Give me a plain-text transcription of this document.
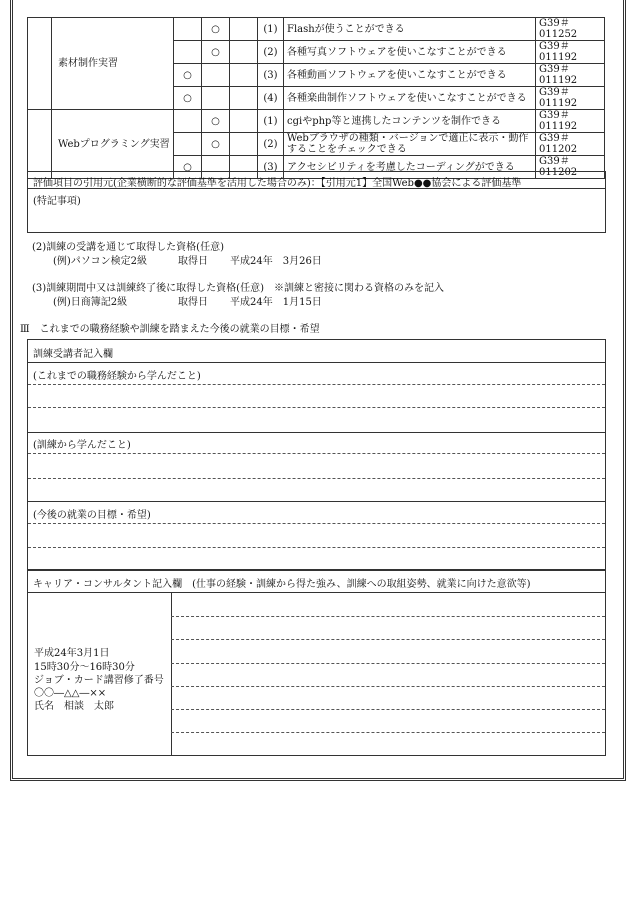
	素材制作実習		○		(1)	Flashが使うことができる	G39＃011252
			○		(2)	各種写真ソフトウェアを使いこなすことができる	G39＃011192
		○			(3)	各種動画ソフトウェアを使いこなすことができる	G39＃011192
		○			(4)	各種楽曲制作ソフトウェアを使いこなすことができる	G39＃011192
	Webプログラミング実習		○		(1)	cgiやphp等と連携したコンテンツを制作できる	G39＃011192
			○		(2)	Webブラウザの種類・バージョンで適正に表示・動作することをチェックできる	G39＃011202
		○			(3)	アクセシビリティを考慮したコーディングができる	G39＃011202
評価項目の引用元(企業横断的な評価基準を活用した場合のみ)：【引用元1】全国Web●●協会による評価基準
(特記事項)
(2)訓練の受講を通じて取得した資格(任意)
(例)パソコン検定2級	取得日 平成24年　3月26日
(3)訓練期間中又は訓練終了後に取得した資格(任意)　※訓練と密接に関わる資格のみを記入
(例)日商簿記2級	取得日 平成24年　1月15日
Ⅲ　これまでの職務経験や訓練を踏まえた今後の就業の目標・希望
訓練受講者記入欄
(これまでの職務経験から学んだこと)
(訓練から学んだこと)
(今後の就業の目標・希望)
キャリア・コンサルタント記入欄　(仕事の経験・訓練から得た強み、訓練への取組姿勢、就業に向けた意欲等)
平成24年3月1日
15時30分～16時30分
ジョブ・カード講習修了番号
〇〇―△△―××
氏名　相談　太郎
